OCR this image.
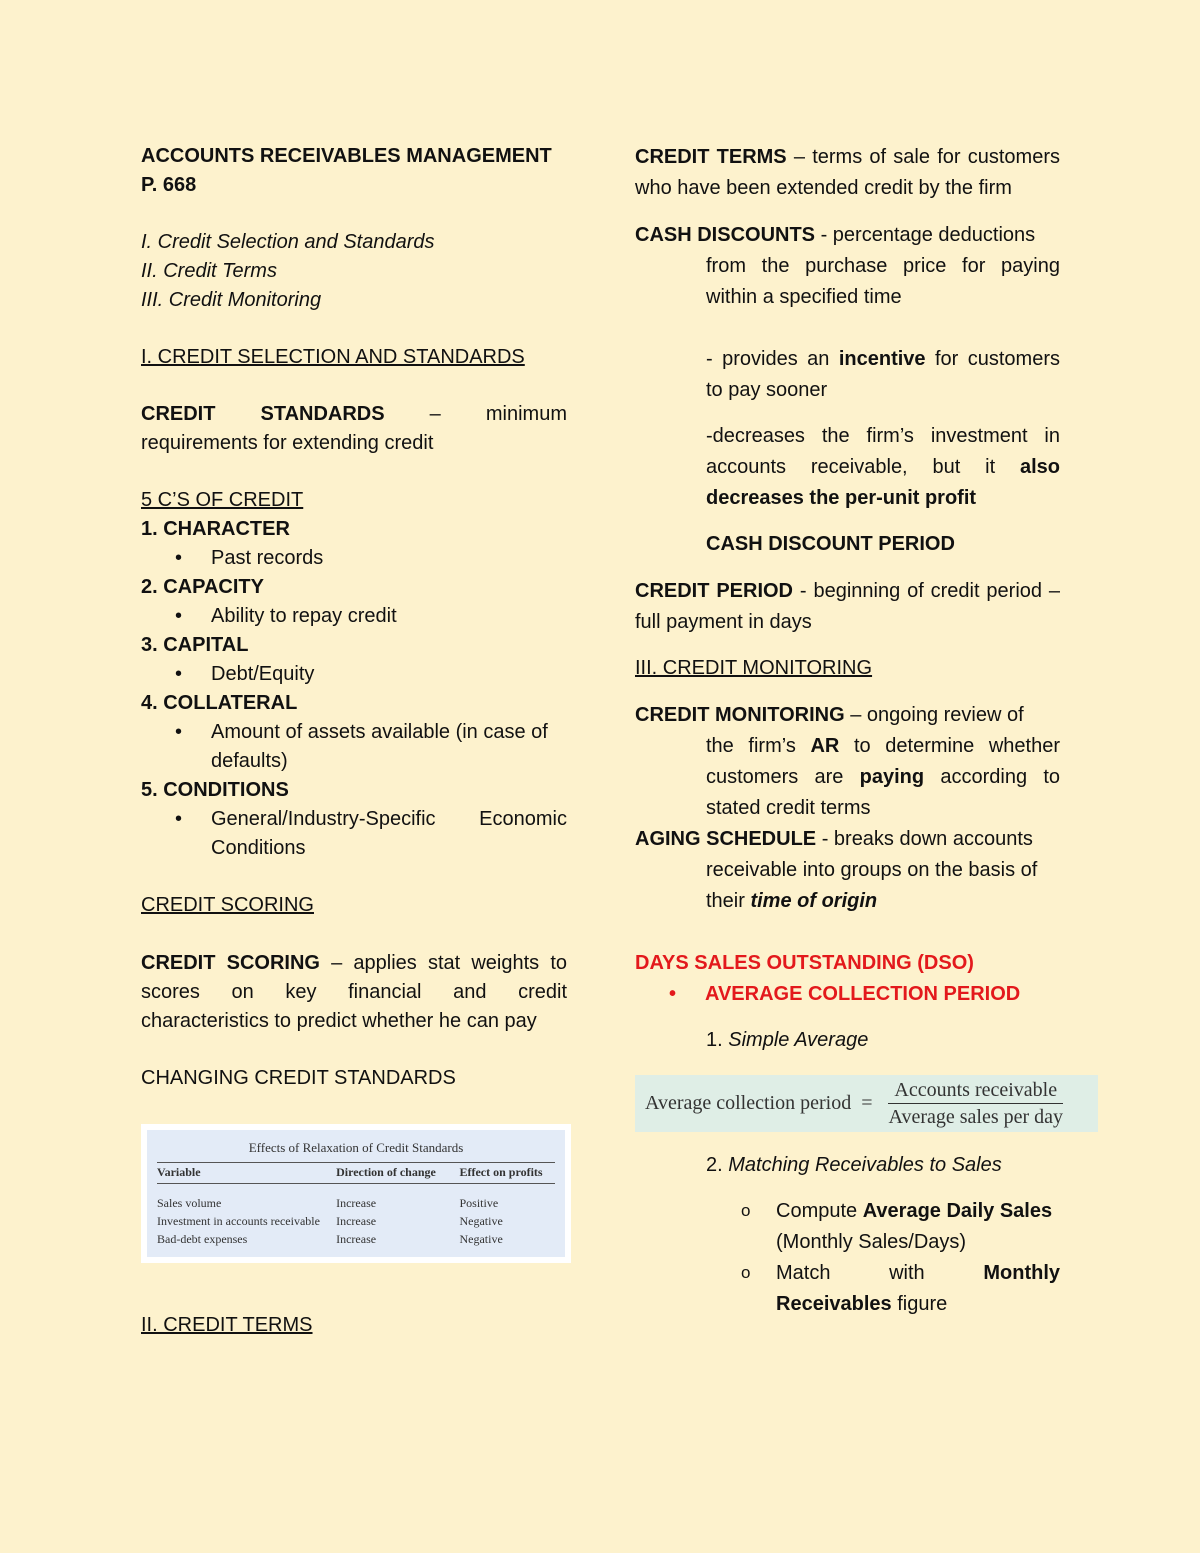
ACCOUNTS RECEIVABLES MANAGEMENT P. 668
I. Credit Selection and Standards
II. Credit Terms
III. Credit Monitoring
I. CREDIT SELECTION AND STANDARDS
CREDIT STANDARDS – minimum requirements for extending credit
5 C’S OF CREDIT
1. CHARACTER
• Past records
2. CAPACITY
• Ability to repay credit
3. CAPITAL
• Debt/Equity
4. COLLATERAL
• Amount of assets available (in case of defaults)
5. CONDITIONS
• General/Industry-Specific Economic Conditions
CREDIT SCORING
CREDIT SCORING – applies stat weights to scores on key financial and credit characteristics to predict whether he can pay
CHANGING CREDIT STANDARDS
Effects of Relaxation of Credit Standards
Variable	Direction of change	Effect on profits

Sales volume	Increase	Positive
Investment in accounts receivable	Increase	Negative
Bad-debt expenses	Increase	Negative
II. CREDIT TERMS
CREDIT TERMS – terms of sale for customers who have been extended credit by the firm
CASH DISCOUNTS - percentage deductions
from the purchase price for paying within a specified time
- provides an incentive for customers to pay sooner
-decreases the firm’s investment in accounts receivable, but it also decreases the per-unit profit
CASH DISCOUNT PERIOD
CREDIT PERIOD - beginning of credit period – full payment in days
III. CREDIT MONITORING
CREDIT MONITORING – ongoing review of
the firm’s AR to determine whether customers are paying according to stated credit terms
AGING SCHEDULE - breaks down accounts
receivable into groups on the basis of their time of origin
DAYS SALES OUTSTANDING (DSO)
• AVERAGE COLLECTION PERIOD
1. Simple Average
Average collection period =
Accounts receivable
Average sales per day
2. Matching Receivables to Sales
o Compute Average Daily Sales
(Monthly Sales/Days)
o Match with Monthly Receivables figure
